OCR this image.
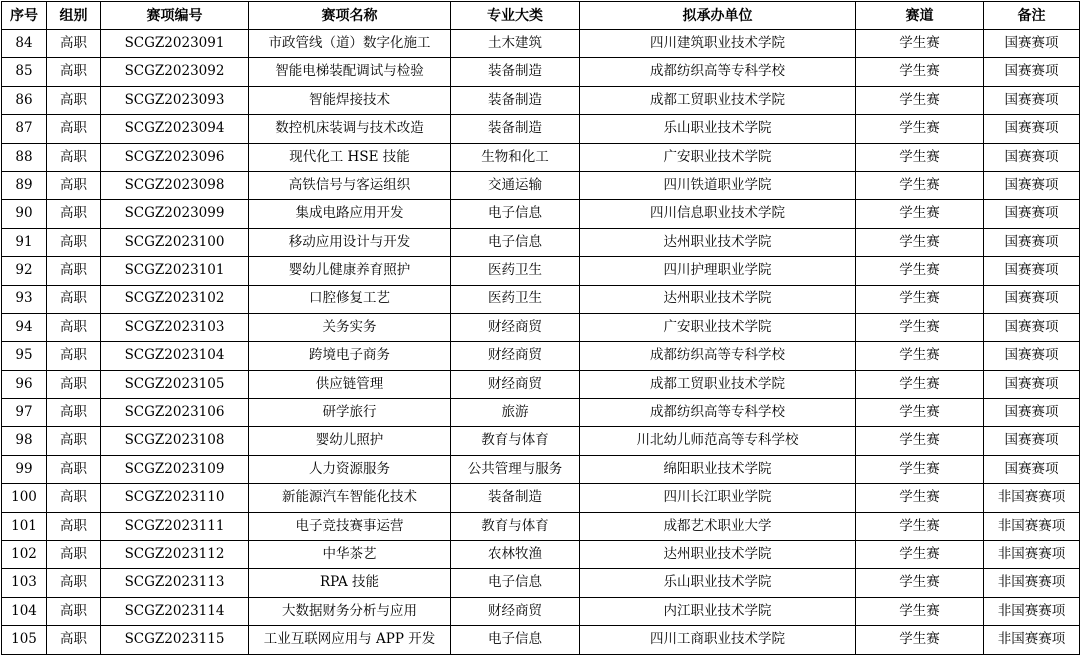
序号	组别	赛项编号	赛项名称	专业大类	拟承办单位	赛道	备注
84	高职	SCGZ2023091	市政管线（道）数字化施工	土木建筑	四川建筑职业技术学院	学生赛	国赛赛项
85	高职	SCGZ2023092	智能电梯装配调试与检验	装备制造	成都纺织高等专科学校	学生赛	国赛赛项
86	高职	SCGZ2023093	智能焊接技术	装备制造	成都工贸职业技术学院	学生赛	国赛赛项
87	高职	SCGZ2023094	数控机床装调与技术改造	装备制造	乐山职业技术学院	学生赛	国赛赛项
88	高职	SCGZ2023096	现代化工 HSE 技能	生物和化工	广安职业技术学院	学生赛	国赛赛项
89	高职	SCGZ2023098	高铁信号与客运组织	交通运输	四川铁道职业学院	学生赛	国赛赛项
90	高职	SCGZ2023099	集成电路应用开发	电子信息	四川信息职业技术学院	学生赛	国赛赛项
91	高职	SCGZ2023100	移动应用设计与开发	电子信息	达州职业技术学院	学生赛	国赛赛项
92	高职	SCGZ2023101	婴幼儿健康养育照护	医药卫生	四川护理职业学院	学生赛	国赛赛项
93	高职	SCGZ2023102	口腔修复工艺	医药卫生	达州职业技术学院	学生赛	国赛赛项
94	高职	SCGZ2023103	关务实务	财经商贸	广安职业技术学院	学生赛	国赛赛项
95	高职	SCGZ2023104	跨境电子商务	财经商贸	成都纺织高等专科学校	学生赛	国赛赛项
96	高职	SCGZ2023105	供应链管理	财经商贸	成都工贸职业技术学院	学生赛	国赛赛项
97	高职	SCGZ2023106	研学旅行	旅游	成都纺织高等专科学校	学生赛	国赛赛项
98	高职	SCGZ2023108	婴幼儿照护	教育与体育	川北幼儿师范高等专科学校	学生赛	国赛赛项
99	高职	SCGZ2023109	人力资源服务	公共管理与服务	绵阳职业技术学院	学生赛	国赛赛项
100	高职	SCGZ2023110	新能源汽车智能化技术	装备制造	四川长江职业学院	学生赛	非国赛赛项
101	高职	SCGZ2023111	电子竞技赛事运营	教育与体育	成都艺术职业大学	学生赛	非国赛赛项
102	高职	SCGZ2023112	中华茶艺	农林牧渔	达州职业技术学院	学生赛	非国赛赛项
103	高职	SCGZ2023113	RPA 技能	电子信息	乐山职业技术学院	学生赛	非国赛赛项
104	高职	SCGZ2023114	大数据财务分析与应用	财经商贸	内江职业技术学院	学生赛	非国赛赛项
105	高职	SCGZ2023115	工业互联网应用与 APP 开发	电子信息	四川工商职业技术学院	学生赛	非国赛赛项
